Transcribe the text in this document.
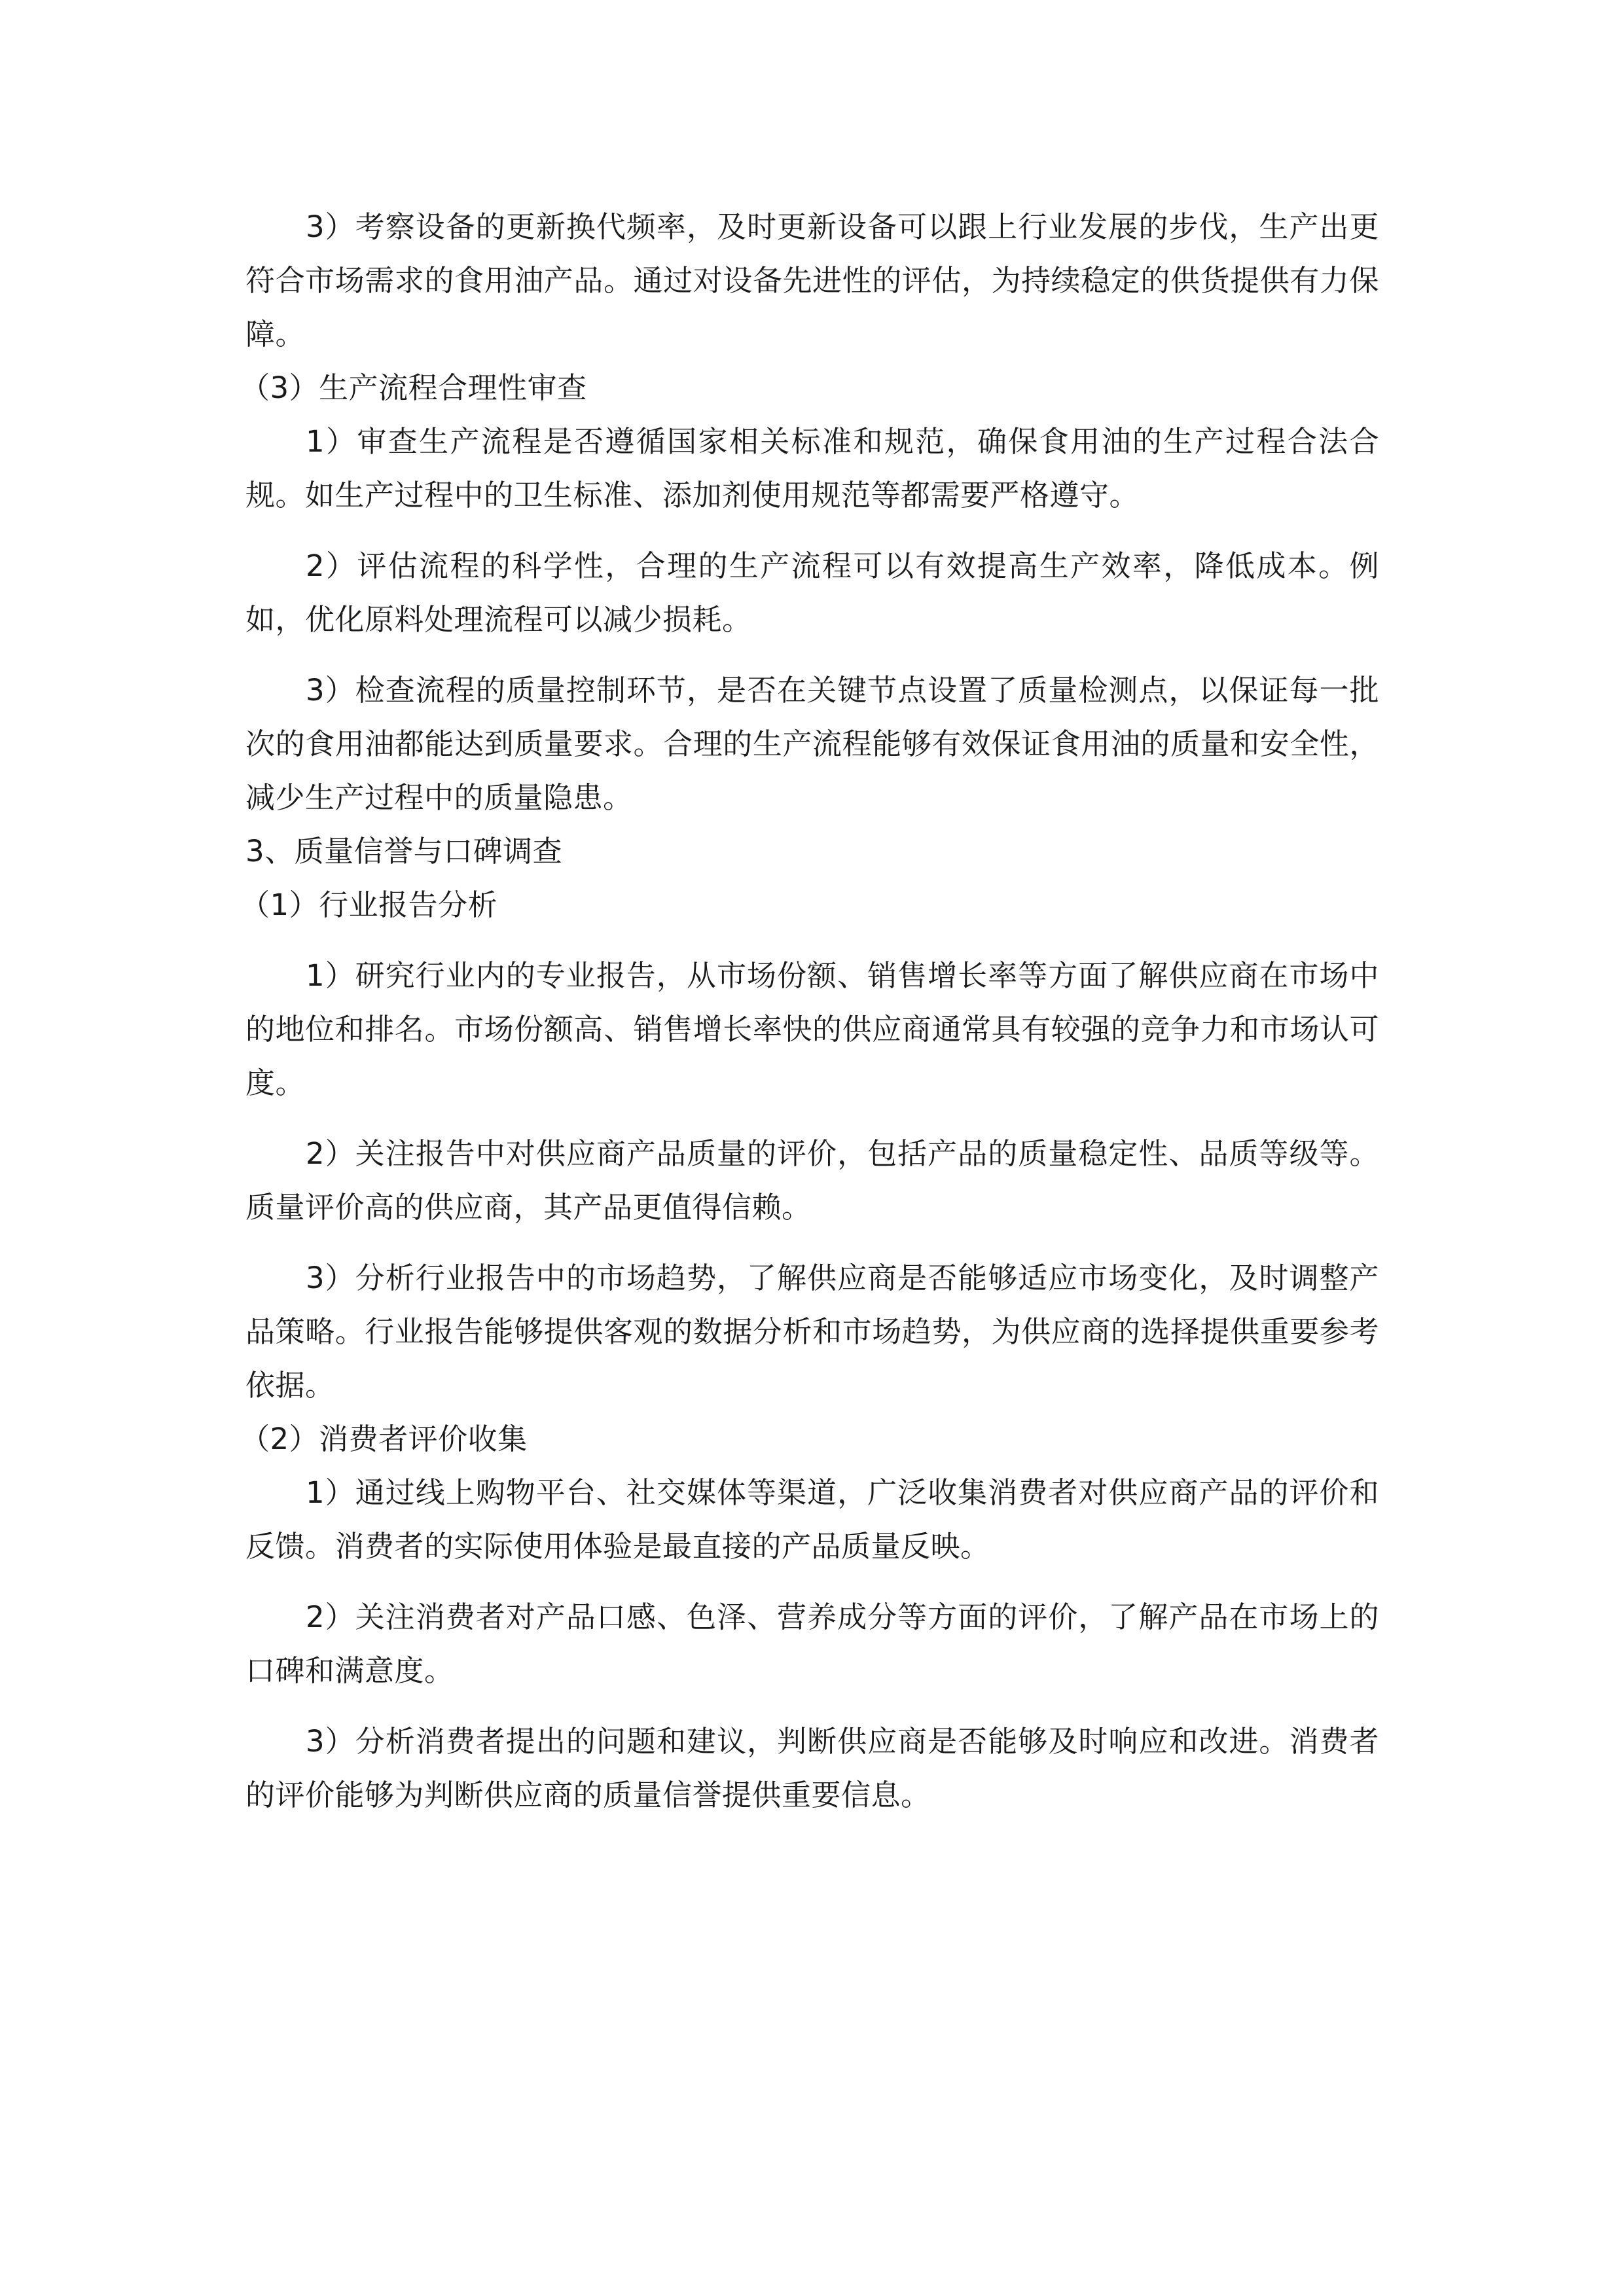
3）考察设备的更新换代频率，及时更新设备可以跟上行业发展的步伐，生产出更符合市场需求的食用油产品。通过对设备先进性的评估，为持续稳定的供货提供有力保障。

（3）生产流程合理性审查

1）审查生产流程是否遵循国家相关标准和规范，确保食用油的生产过程合法合规。如生产过程中的卫生标准、添加剂使用规范等都需要严格遵守。

2）评估流程的科学性，合理的生产流程可以有效提高生产效率，降低成本。例如，优化原料处理流程可以减少损耗。

3）检查流程的质量控制环节，是否在关键节点设置了质量检测点，以保证每一批次的食用油都能达到质量要求。合理的生产流程能够有效保证食用油的质量和安全性，减少生产过程中的质量隐患。

3、质量信誉与口碑调查

（1）行业报告分析

1）研究行业内的专业报告，从市场份额、销售增长率等方面了解供应商在市场中的地位和排名。市场份额高、销售增长率快的供应商通常具有较强的竞争力和市场认可度。

2）关注报告中对供应商产品质量的评价，包括产品的质量稳定性、品质等级等。质量评价高的供应商，其产品更值得信赖。

3）分析行业报告中的市场趋势，了解供应商是否能够适应市场变化，及时调整产品策略。行业报告能够提供客观的数据分析和市场趋势，为供应商的选择提供重要参考依据。

（2）消费者评价收集

1）通过线上购物平台、社交媒体等渠道，广泛收集消费者对供应商产品的评价和反馈。消费者的实际使用体验是最直接的产品质量反映。

2）关注消费者对产品口感、色泽、营养成分等方面的评价，了解产品在市场上的口碑和满意度。

3）分析消费者提出的问题和建议，判断供应商是否能够及时响应和改进。消费者的评价能够为判断供应商的质量信誉提供重要信息。
